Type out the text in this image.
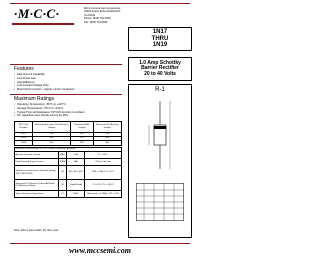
·M·C·C·	Micro Commercial Components
21201 Itasca Street Chatsworth
CA 91311
Phone: (818) 701-4933
Fax: (818) 701-4939
1N17
THRU
1N19
1.0 Amp Schottky
Barrier Rectifier
20 to 40 Volts
Features
• High Current Capability
• Low Power loss
• High Efficiency
• Low Forward Voltage Drop
• Metal silicon junction, majority carrier conduction
Maximum Ratings
• Operating Temperature: -65°C to +125°C
• Storage Temperature: -65°C to +150°C
• Typical Thermal Resistance: 50°C/W Junction to Ambient
• For capacitive load, Derate current by 20%
MCC Part Number	Maximum Recurrent Peak Reverse Voltage	Maximum RMS Voltage	Maximum DC Blocking Voltage
1N17	20V	14V	20V
1N18	30V	21V	30V
1N19	40V	28V	40V
Electrical Characteristics @ 25°C Unless Otherwise Specified			
Average Forward Current	I(AV)	1.0A	TL = 90°C
Peak Forward Surge Current	IFSM	40A	8.3ms, half sine
Maximum Instantaneous Forward Voltage 1N17 1N18 1N19	VF	.45V .55V .60V	IFM = 1.0A; TJ = 25°C
Maximum DC Reverse Current At Rated DC Blocking Voltage	IR	1.0mA 10mA	TJ = 25°C TJ = 100°C
Typical Junction Capacitance	CJ	110pF	Measured at 1.0MHz, VR = 4.0V
Note: 300 us pulse width, 1% duty cycle.
R-1
www.mccsemi.com
